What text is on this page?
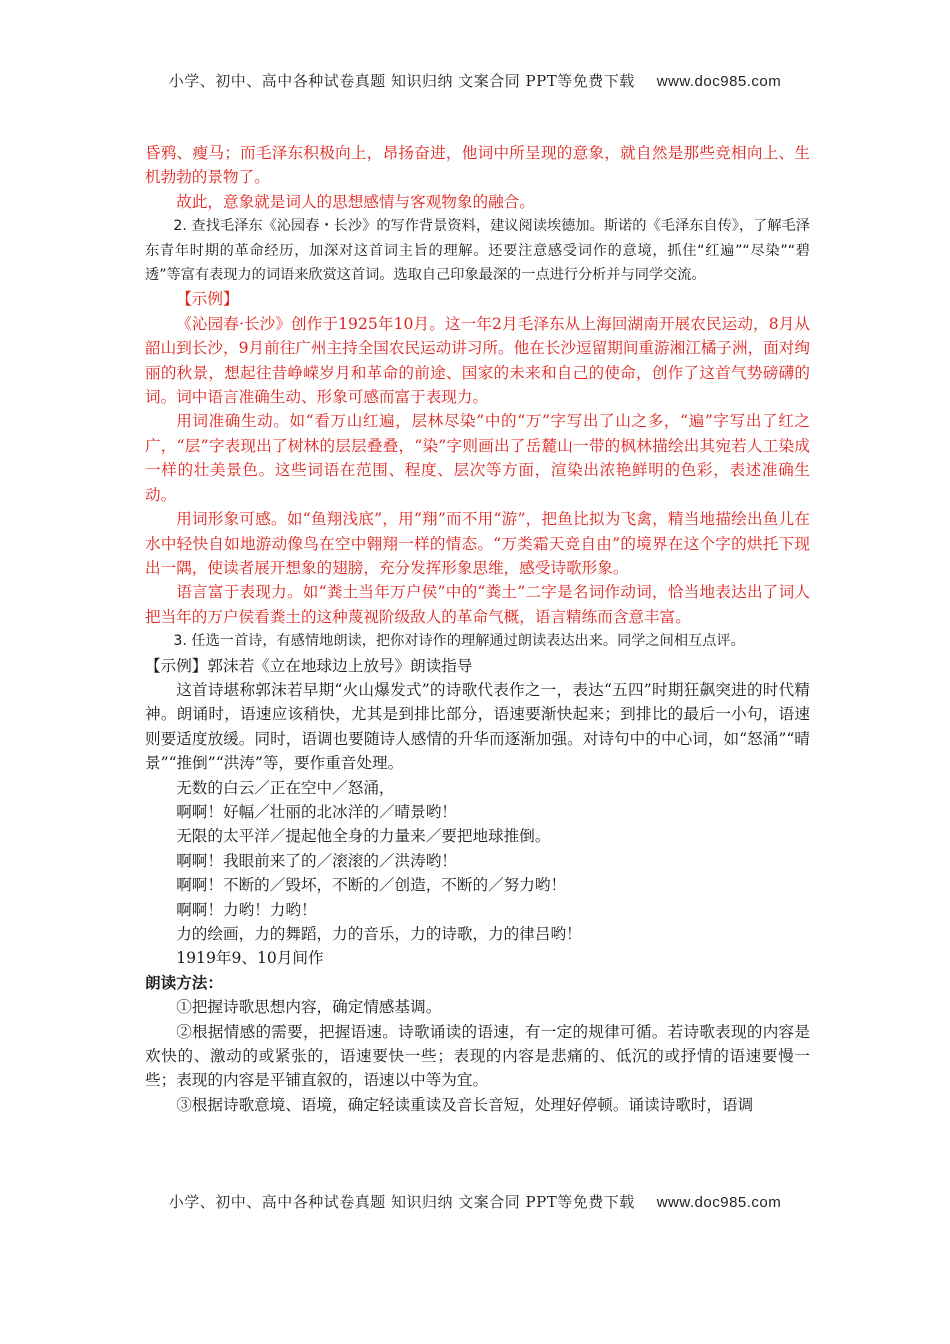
小学、初中、高中各种试卷真题 知识归纳 文案合同 PPT等免费下载 www.doc985.com

昏鸦、瘦马；而毛泽东积极向上，昂扬奋进，他词中所呈现的意象，就自然是那些竞相向上、生机勃勃的景物了。

故此，意象就是词人的思想感情与客观物象的融合。

2. 查找毛泽东《沁园春・长沙》的写作背景资料，建议阅读埃德加。斯诺的《毛泽东自传》，了解毛泽东青年时期的革命经历，加深对这首词主旨的理解。还要注意感受词作的意境，抓住“红遍”“尽染”“碧透”等富有表现力的词语来欣赏这首词。选取自己印象最深的一点进行分析并与同学交流。

【示例】

《沁园春·长沙》创作于1925年10月。这一年2月毛泽东从上海回湖南开展农民运动，8月从韶山到长沙，9月前往广州主持全国农民运动讲习所。他在长沙逗留期间重游湘江橘子洲，面对绚丽的秋景，想起往昔峥嵘岁月和革命的前途、国家的未来和自己的使命，创作了这首气势磅礴的词。词中语言准确生动、形象可感而富于表现力。

用词准确生动。如“看万山红遍，层林尽染”中的“万”字写出了山之多，“遍”字写出了红之广，“层”字表现出了树林的层层叠叠，“染”字则画出了岳麓山一带的枫林描绘出其宛若人工染成一样的壮美景色。这些词语在范围、程度、层次等方面，渲染出浓艳鲜明的色彩，表述准确生动。

用词形象可感。如“鱼翔浅底”，用“翔”而不用“游”，把鱼比拟为飞禽，精当地描绘出鱼儿在水中轻快自如地游动像鸟在空中翱翔一样的情态。“万类霜天竞自由”的境界在这个字的烘托下现出一隅，使读者展开想象的翅膀，充分发挥形象思维，感受诗歌形象。

语言富于表现力。如“粪土当年万户侯”中的“粪土”二字是名词作动词，恰当地表达出了词人把当年的万户侯看粪土的这种蔑视阶级敌人的革命气概，语言精练而含意丰富。

3. 任选一首诗，有感情地朗读，把你对诗作的理解通过朗读表达出来。同学之间相互点评。

【示例】郭沫若《立在地球边上放号》朗读指导

这首诗堪称郭沫若早期“火山爆发式”的诗歌代表作之一，表达“五四”时期狂飙突进的时代精神。朗诵时，语速应该稍快，尤其是到排比部分，语速要渐快起来；到排比的最后一小句，语速则要适度放缓。同时，语调也要随诗人感情的升华而逐渐加强。对诗句中的中心词，如“怒涌”“晴景”“推倒”“洪涛”等，要作重音处理。

无数的白云／正在空中／怒涌，

啊啊！好幅／壮丽的北冰洋的／晴景哟！

无限的太平洋／提起他全身的力量来／要把地球推倒。

啊啊！我眼前来了的／滚滚的／洪涛哟！

啊啊！不断的／毁坏，不断的／创造，不断的／努力哟！

啊啊！力哟！力哟！

力的绘画，力的舞蹈，力的音乐，力的诗歌，力的律吕哟！

1919年9、10月间作

朗读方法：

①把握诗歌思想内容，确定情感基调。

②根据情感的需要，把握语速。诗歌诵读的语速，有一定的规律可循。若诗歌表现的内容是欢快的、激动的或紧张的，语速要快一些；表现的内容是悲痛的、低沉的或抒情的语速要慢一些；表现的内容是平铺直叙的，语速以中等为宜。

③根据诗歌意境、语境，确定轻读重读及音长音短，处理好停顿。诵读诗歌时，语调

小学、初中、高中各种试卷真题 知识归纳 文案合同 PPT等免费下载 www.doc985.com
